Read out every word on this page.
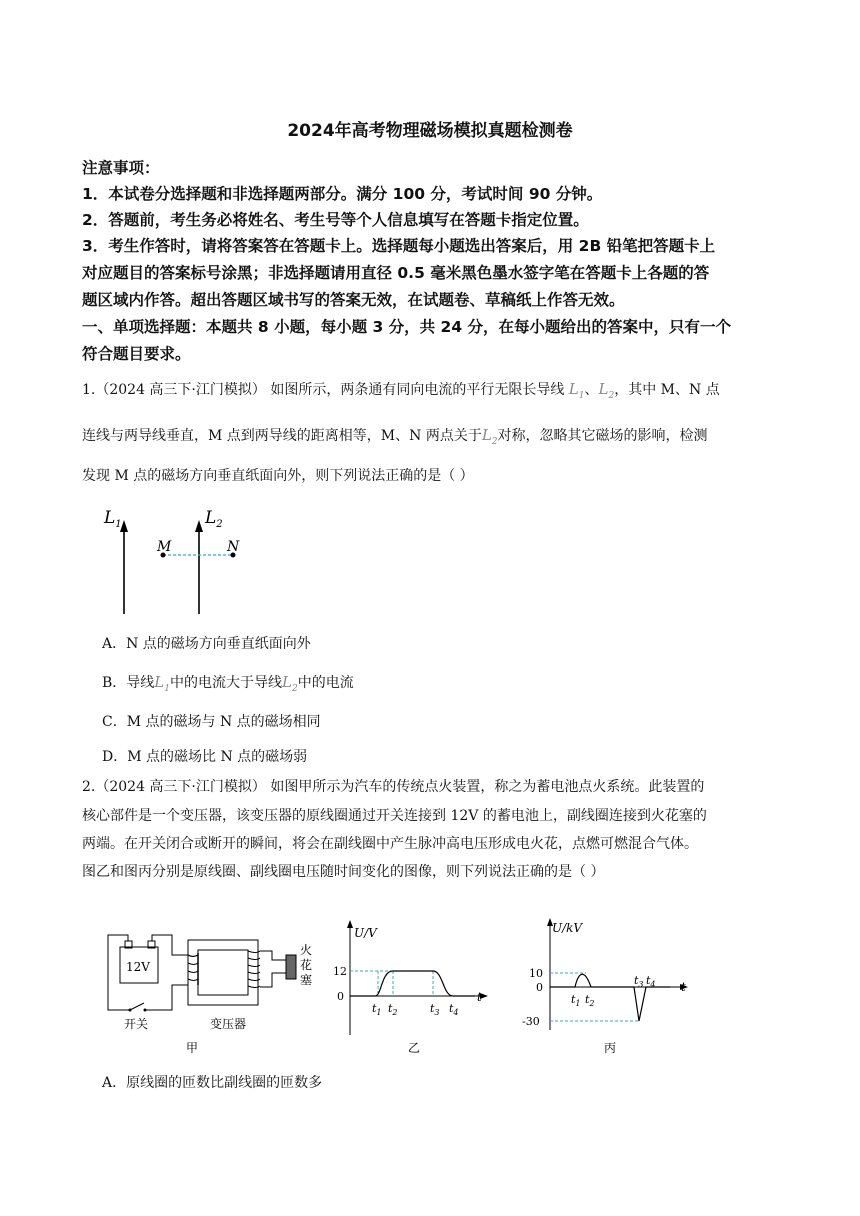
2024年高考物理磁场模拟真题检测卷
注意事项：
1．本试卷分选择题和非选择题两部分。满分 100 分，考试时间 90 分钟。
2．答题前，考生务必将姓名、考生号等个人信息填写在答题卡指定位置。
3．考生作答时，请将答案答在答题卡上。选择题每小题选出答案后，用 2B 铅笔把答题卡上
对应题目的答案标号涂黑；非选择题请用直径 0.5 毫米黑色墨水签字笔在答题卡上各题的答
题区域内作答。超出答题区域书写的答案无效，在试题卷、草稿纸上作答无效。
一、单项选择题：本题共 8 小题，每小题 3 分，共 24 分，在每小题给出的答案中，只有一个
符合题目要求。
1.（2024 高三下·江门模拟） 如图所示，两条通有同向电流的平行无限长导线 $L_1$、$L_2$，其中 M、N 点
连线与两导线垂直，M 点到两导线的距离相等，M、N 两点关于$L_2$对称，忽略其它磁场的影响，检测
发现 M 点的磁场方向垂直纸面向外，则下列说法正确的是（ ）
$L_1$	$L_2$
M	N
A．N 点的磁场方向垂直纸面向外
B．导线$L_1$中的电流大于导线$L_2$中的电流
C．M 点的磁场与 N 点的磁场相同
D．M 点的磁场比 N 点的磁场弱
2.（2024 高三下·江门模拟） 如图甲所示为汽车的传统点火装置，称之为蓄电池点火系统。此装置的
核心部件是一个变压器，该变压器的原线圈通过开关连接到 12V 的蓄电池上，副线圈连接到火花塞的
两端。在开关闭合或断开的瞬间，将会在副线圈中产生脉冲高电压形成电火花，点燃可燃混合气体。
图乙和图丙分别是原线圈、副线圈电压随时间变化的图像，则下列说法正确的是（ ）
12V
火
花
塞
开关	变压器
甲
U/V
t
12
0
$t_1$ $t_2$	$t_3$ $t_4$
乙
U/kV
t
10
0
-30
$t_1$ $t_2$
$t_3$ $t_4$
丙
A．原线圈的匝数比副线圈的匝数多
